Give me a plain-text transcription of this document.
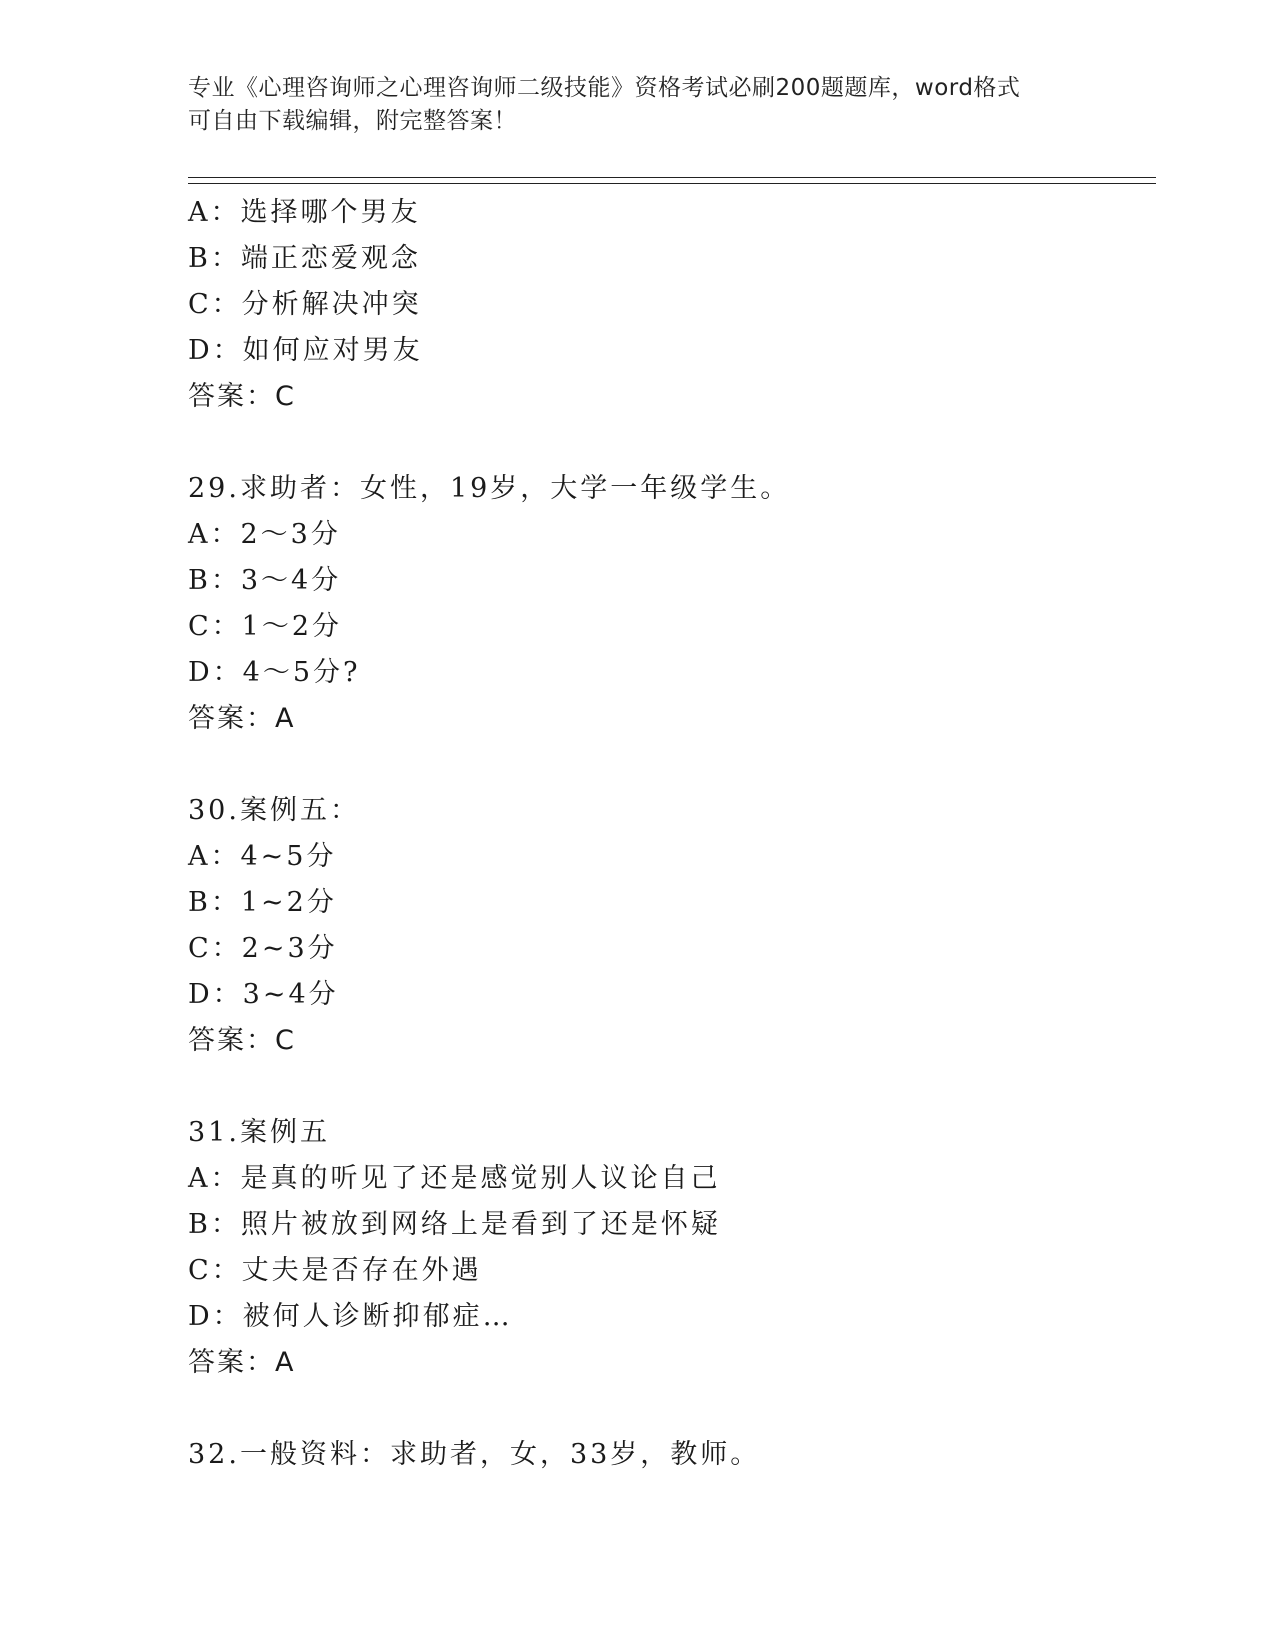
专业《心理咨询师之心理咨询师二级技能》资格考试必刷200题题库，word格式
可自由下载编辑，附完整答案！
A：选择哪个男友
B：端正恋爱观念
C：分析解决冲突
D：如何应对男友
答案：C
29.求助者：女性，19岁，大学一年级学生。
A：2～3分
B：3～4分
C：1～2分
D：4～5分?
答案：A
30.案例五：
A：4~5分
B：1~2分
C：2~3分
D：3~4分
答案：C
31.案例五
A：是真的听见了还是感觉别人议论自己
B：照片被放到网络上是看到了还是怀疑
C：丈夫是否存在外遇
D：被何人诊断抑郁症…
答案：A
32.一般资料：求助者，女，33岁，教师。
